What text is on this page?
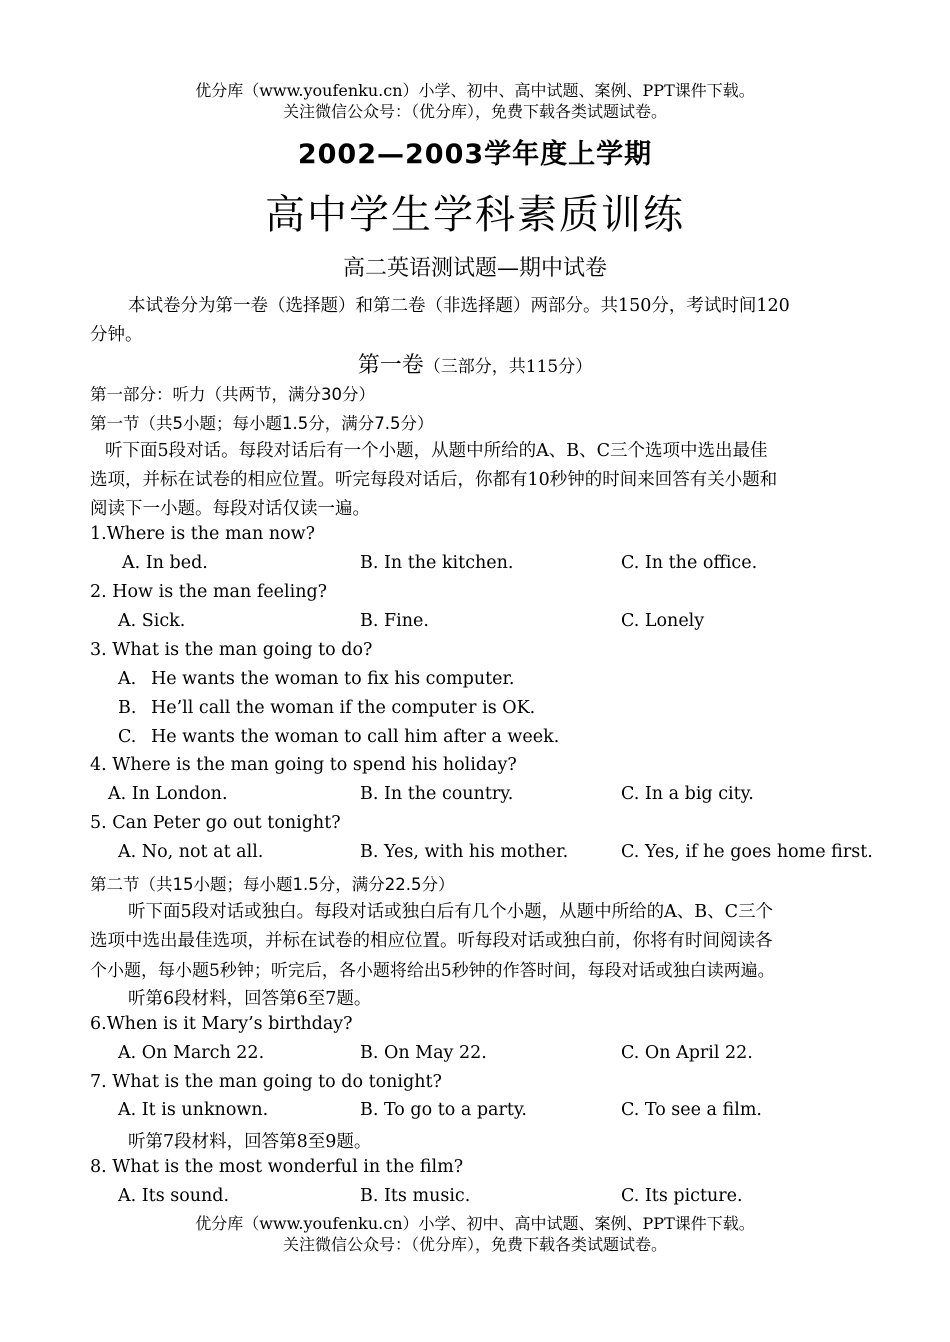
优分库（www.youfenku.cn）小学、初中、高中试题、案例、PPT课件下载。
关注微信公众号：（优分库），免费下载各类试题试卷。
2002—2003学年度上学期
高中学生学科素质训练
高二英语测试题—期中试卷
本试卷分为第一卷（选择题）和第二卷（非选择题）两部分。共150分，考试时间120
分钟。
第一卷（三部分，共115分）
第一部分：听力（共两节，满分30分）
第一节（共5小题；每小题1.5分，满分7.5分）
听下面5段对话。每段对话后有一个小题，从题中所给的A、B、C三个选项中选出最佳
选项，并标在试卷的相应位置。听完每段对话后，你都有10秒钟的时间来回答有关小题和
阅读下一小题。每段对话仅读一遍。
1.Where is the man now?
A. In bed.	B. In the kitchen.	C. In the office.
2. How is the man feeling?
A. Sick.	B. Fine.	C. Lonely
3. What is the man going to do?
A. He wants the woman to fix his computer.
B. He’ll call the woman if the computer is OK.
C. He wants the woman to call him after a week.
4. Where is the man going to spend his holiday?
A. In London.	B. In the country.	C. In a big city.
5. Can Peter go out tonight?
A. No, not at all.	B. Yes, with his mother.	C. Yes, if he goes home first.
第二节（共15小题；每小题1.5分，满分22.5分）
听下面5段对话或独白。每段对话或独白后有几个小题，从题中所给的A、B、C三个
选项中选出最佳选项，并标在试卷的相应位置。听每段对话或独白前，你将有时间阅读各
个小题，每小题5秒钟；听完后，各小题将给出5秒钟的作答时间，每段对话或独白读两遍。
听第6段材料，回答第6至7题。
6.When is it Mary’s birthday?
A. On March 22.	B. On May 22.	C. On April 22.
7. What is the man going to do tonight?
A. It is unknown.	B. To go to a party.	C. To see a film.
听第7段材料，回答第8至9题。
8. What is the most wonderful in the film?
A. Its sound.	B. Its music.	C. Its picture.
优分库（www.youfenku.cn）小学、初中、高中试题、案例、PPT课件下载。
关注微信公众号：（优分库），免费下载各类试题试卷。
